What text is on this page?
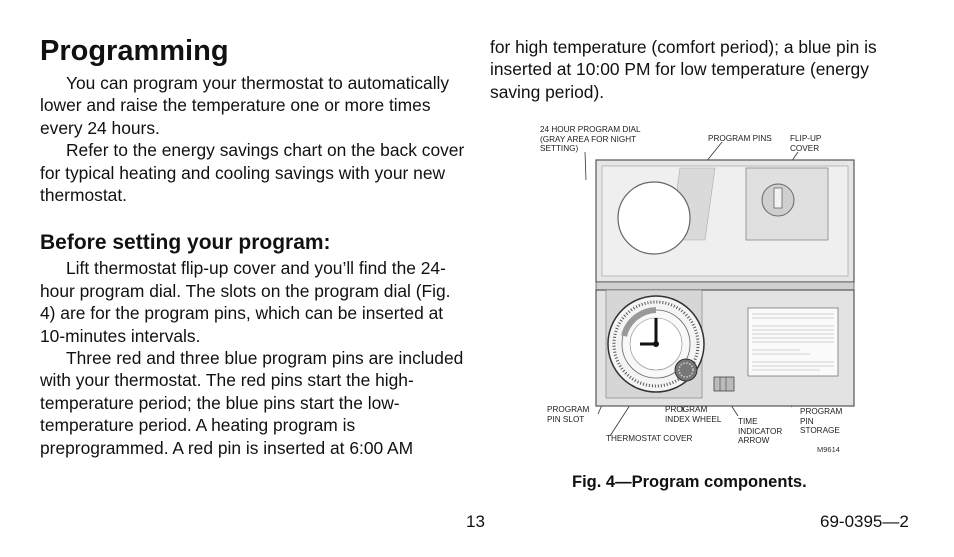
Programming

You can program your thermostat to automatically lower and raise the temperature one or more times every 24 hours.

Refer to the energy savings chart on the back cover for typical heating and cooling savings with your new thermostat.

Before setting your program:

Lift thermostat flip-up cover and you’ll find the 24-hour program dial. The slots on the program dial (Fig. 4) are for the program pins, which can be inserted at 10-minutes intervals.

Three red and three blue program pins are included with your thermostat. The red pins start the high-temperature period; the blue pins start the low-temperature period. A heating program is preprogrammed. A red pin is inserted at 6:00 AM

for high temperature (comfort period); a blue pin is inserted at 10:00 PM for low temperature (energy saving period).

24 HOUR PROGRAM DIAL (GRAY AREA FOR NIGHT SETTING)
PROGRAM PINS FLIP-UP COVER
PROGRAM PIN SLOT
PROGRAM INDEX WHEEL	TIME INDICATOR ARROW
PROGRAM PIN STORAGE
THERMOSTAT COVER
M9614
Fig. 4—Program components.
13	69-0395—2
